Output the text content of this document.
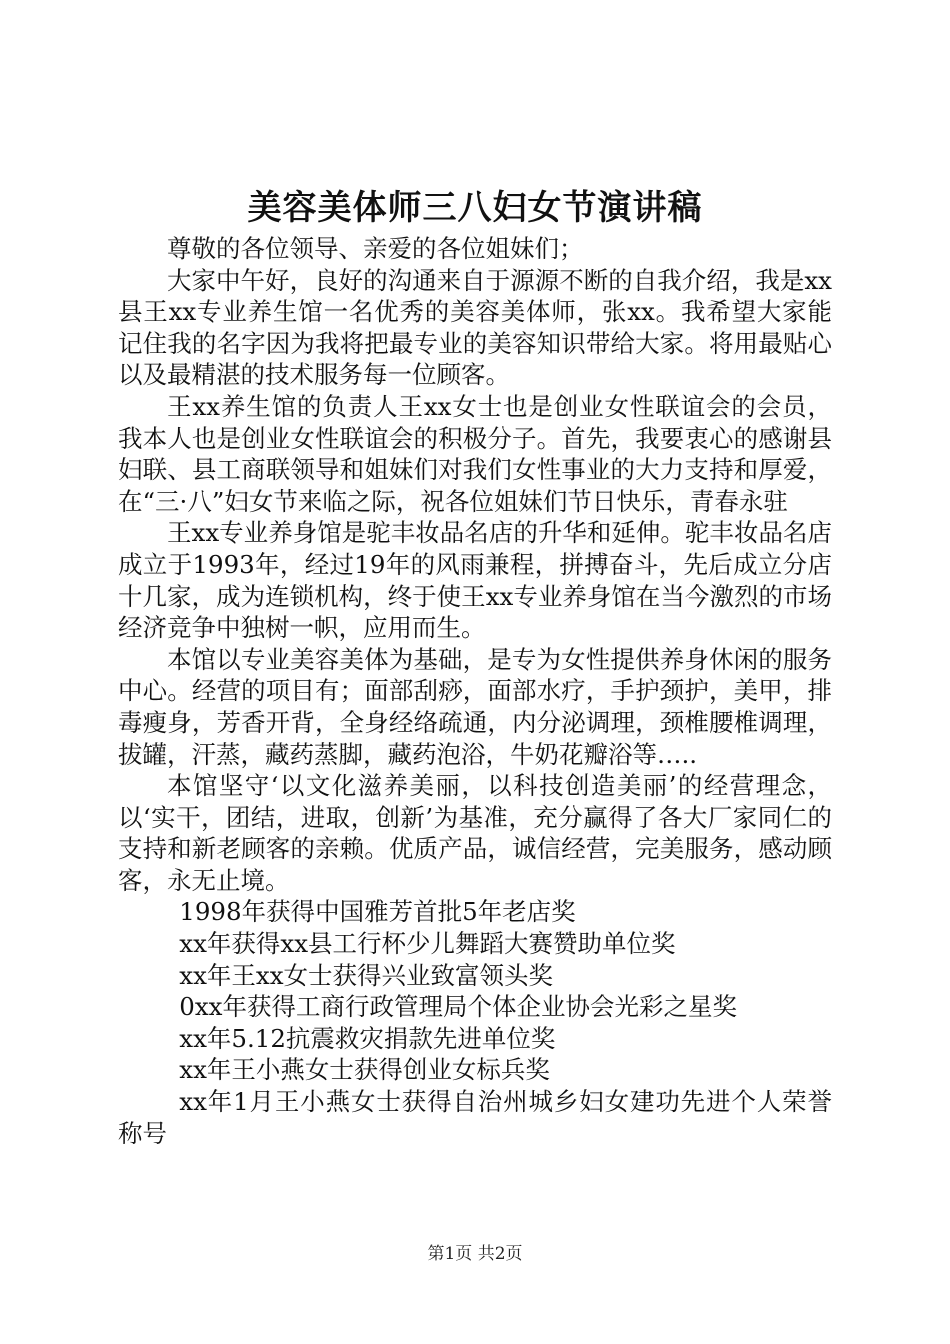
美容美体师三八妇女节演讲稿

尊敬的各位领导、亲爱的各位姐妹们；

大家中午好，良好的沟通来自于源源不断的自我介绍，我是xx县王xx专业养生馆一名优秀的美容美体师，张xx。我希望大家能记住我的名字因为我将把最专业的美容知识带给大家。将用最贴心以及最精湛的技术服务每一位顾客。

王xx养生馆的负责人王xx女士也是创业女性联谊会的会员，我本人也是创业女性联谊会的积极分子。首先，我要衷心的感谢县妇联、县工商联领导和姐妹们对我们女性事业的大力支持和厚爱，在“三·八”妇女节来临之际，祝各位姐妹们节日快乐，青春永驻

王xx专业养身馆是驼丰妆品名店的升华和延伸。驼丰妆品名店成立于1993年，经过19年的风雨兼程，拼搏奋斗，先后成立分店十几家，成为连锁机构，终于使王xx专业养身馆在当今激烈的市场经济竞争中独树一帜，应用而生。

本馆以专业美容美体为基础，是专为女性提供养身休闲的服务中心。经营的项目有；面部刮痧，面部水疗，手护颈护，美甲，排毒瘦身，芳香开背，全身经络疏通，内分泌调理，颈椎腰椎调理，拔罐，汗蒸，藏药蒸脚，藏药泡浴，牛奶花瓣浴等…..

本馆坚守‘以文化滋养美丽，以科技创造美丽’的经营理念，以‘实干，团结，进取，创新’为基准，充分赢得了各大厂家同仁的支持和新老顾客的亲赖。优质产品，诚信经营，完美服务，感动顾客，永无止境。

1998年获得中国雅芳首批5年老店奖

xx年获得xx县工行杯少儿舞蹈大赛赞助单位奖

xx年王xx女士获得兴业致富领头奖

0xx年获得工商行政管理局个体企业协会光彩之星奖

xx年5.12抗震救灾捐款先进单位奖

xx年王小燕女士获得创业女标兵奖

xx年1月王小燕女士获得自治州城乡妇女建功先进个人荣誉称号

第1页 共2页
